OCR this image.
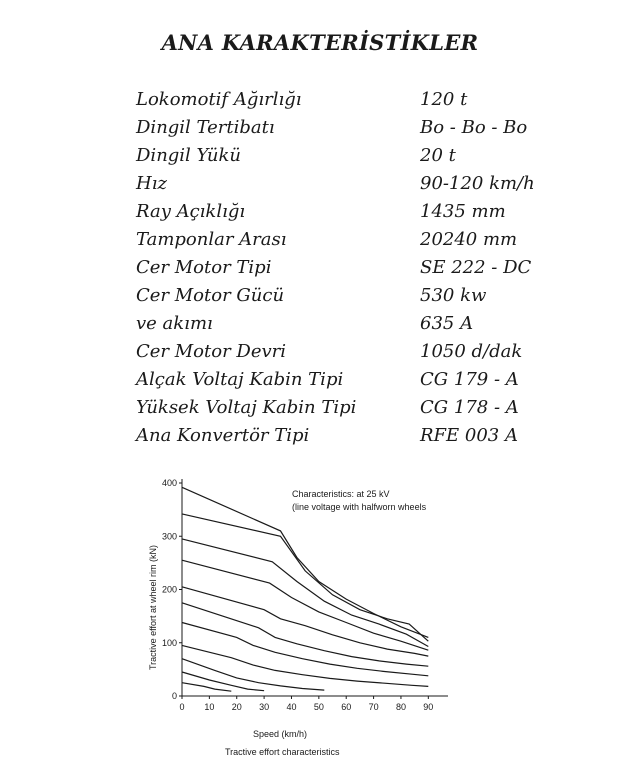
ANA KARAKTERİSTİKLER
Lokomotif Ağırlığı	120 t
Dingil Tertibatı	Bo - Bo - Bo
Dingil Yükü	20 t
Hız	90-120 km/h
Ray Açıklığı	1435 mm
Tamponlar Arası	20240 mm
Cer Motor Tipi	SE 222 - DC
Cer Motor Gücü	530 kw
ve akımı	635 A
Cer Motor Devri	1050 d/dak
Alçak Voltaj Kabin Tipi	CG 179 - A
Yüksek Voltaj Kabin Tipi	CG 178 - A
Ana Konvertör Tipi	RFE 003 A
0 10 20 30 40 50 60 70 80 90
0
100
200
300
400
Characteristics: at 25 kV
(line voltage with halfworn wheels
Speed (km/h)
Tractive effort characteristics
Tractive effort at wheel rim (kN)
